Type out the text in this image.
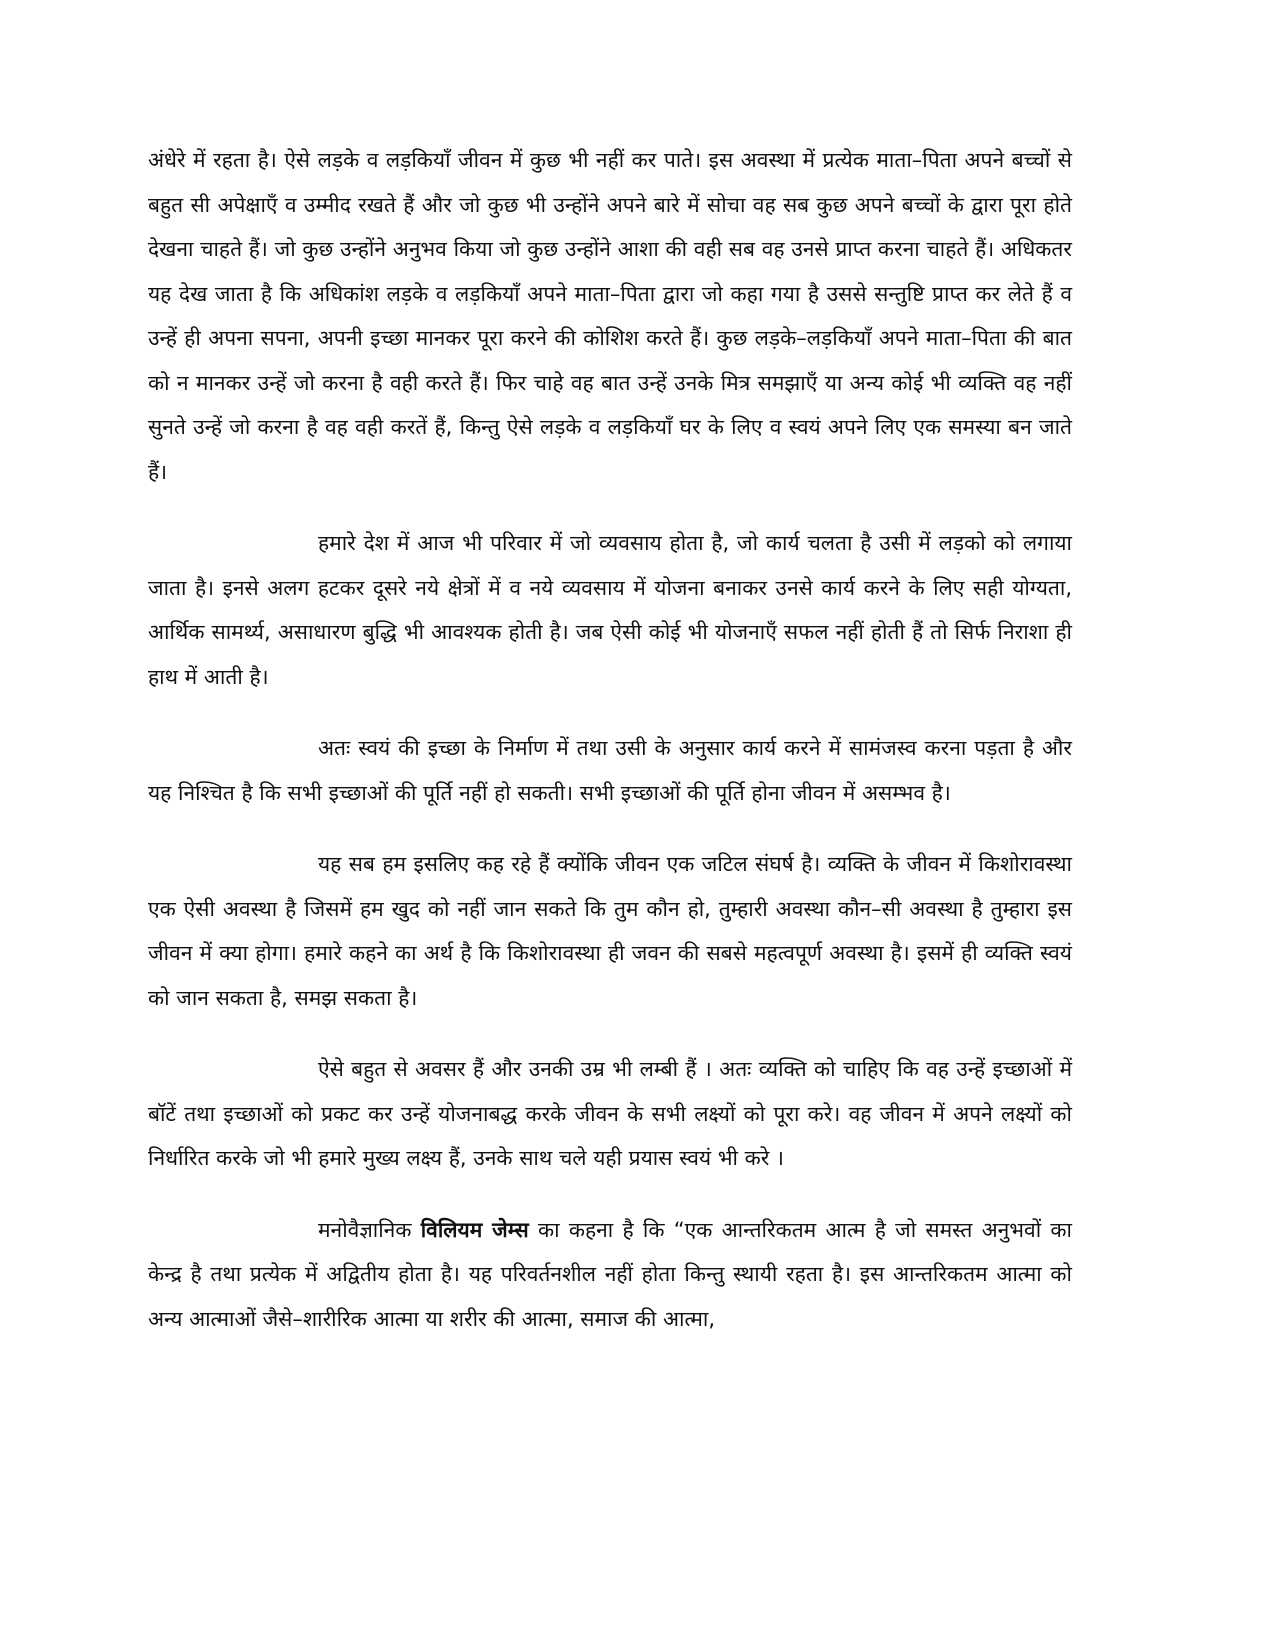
अंधेरे में रहता है। ऐसे लड़के व लड़कियाँ जीवन में कुछ भी नहीं कर पाते। इस अवस्था में प्रत्येक माता–पिता अपने बच्चों से बहुत सी अपेक्षाएँ व उम्मीद रखते हैं और जो कुछ भी उन्होंने अपने बारे में सोचा वह सब कुछ अपने बच्चों के द्वारा पूरा होते देखना चाहते हैं। जो कुछ उन्होंने अनुभव किया जो कुछ उन्होंने आशा की वही सब वह उनसे प्राप्त करना चाहते हैं। अधिकतर यह देख जाता है कि अधिकांश लड़के व लड़कियाँ अपने माता–पिता द्वारा जो कहा गया है उससे सन्तुष्टि प्राप्त कर लेते हैं व उन्हें ही अपना सपना, अपनी इच्छा मानकर पूरा करने की कोशिश करते हैं। कुछ लड़के–लड़कियाँ अपने माता–पिता की बात को न मानकर उन्हें जो करना है वही करते हैं। फिर चाहे वह बात उन्हें उनके मित्र समझाएँ या अन्य कोई भी व्यक्ति वह नहीं सुनते उन्हें जो करना है वह वही करतें हैं, किन्तु ऐसे लड़के व लड़कियाँ घर के लिए व स्वयं अपने लिए एक समस्या बन जाते हैं।

हमारे देश में आज भी परिवार में जो व्यवसाय होता है, जो कार्य चलता है उसी में लड़को को लगाया जाता है। इनसे अलग हटकर दूसरे नये क्षेत्रों में व नये व्यवसाय में योजना बनाकर उनसे कार्य करने के लिए सही योग्यता, आर्थिक सामर्थ्य, असाधारण बुद्धि भी आवश्यक होती है। जब ऐसी कोई भी योजनाएँ सफल नहीं होती हैं तो सिर्फ निराशा ही हाथ में आती है।

अतः स्वयं की इच्छा के निर्माण में तथा उसी के अनुसार कार्य करने में सामंजस्व करना पड़ता है और यह निश्चित है कि सभी इच्छाओं की पूर्ति नहीं हो सकती। सभी इच्छाओं की पूर्ति होना जीवन में असम्भव है।

यह सब हम इसलिए कह रहे हैं क्योंकि जीवन एक जटिल संघर्ष है। व्यक्ति के जीवन में किशोरावस्था एक ऐसी अवस्था है जिसमें हम खुद को नहीं जान सकते कि तुम कौन हो, तुम्हारी अवस्था कौन–सी अवस्था है तुम्हारा इस जीवन में क्या होगा। हमारे कहने का अर्थ है कि किशोरावस्था ही जवन की सबसे महत्वपूर्ण अवस्था है। इसमें ही व्यक्ति स्वयं को जान सकता है, समझ सकता है।

ऐसे बहुत से अवसर हैं और उनकी उम्र भी लम्बी हैं । अतः व्यक्ति को चाहिए कि वह उन्हें इच्छाओं में बॉटें तथा इच्छाओं को प्रकट कर उन्हें योजनाबद्ध करके जीवन के सभी लक्ष्यों को पूरा करे। वह जीवन में अपने लक्ष्यों को निर्धारित करके जो भी हमारे मुख्य लक्ष्य हैं, उनके साथ चले यही प्रयास स्वयं भी करे ।

मनोवैज्ञानिक विलियम जेम्स का कहना है कि “एक आन्तरिकतम आत्म है जो समस्त अनुभवों का केन्द्र है तथा प्रत्येक में अद्वितीय होता है। यह परिवर्तनशील नहीं होता किन्तु स्थायी रहता है। इस आन्तरिकतम आत्मा को अन्य आत्माओं जैसे–शारीरिक आत्मा या शरीर की आत्मा, समाज की आत्मा,
